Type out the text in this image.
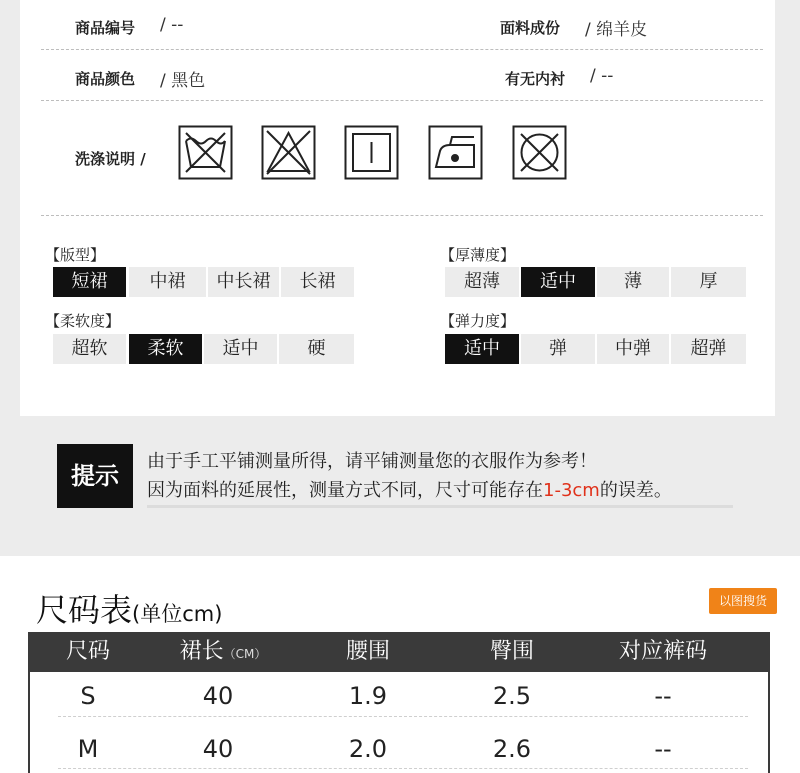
商品编号 / --	面料成份 / 绵羊皮
商品颜色 / 黑色	有无内衬 / --
洗涤说明 /
【版型】
短裙	中裙	中长裙	长裙
【厚薄度】
超薄	适中	薄	厚
【柔软度】
超软	柔软	适中	硬
【弹力度】
适中	弹	中弹	超弹
提示
由于手工平铺测量所得，请平铺测量您的衣服作为参考！
因为面料的延展性，测量方式不同，尺寸可能存在1-3cm的误差。
尺码表(单位cm)
以图搜货
尺码	裙长（CM）	腰围	臀围	对应裤码
S	40	1.9	2.5	--
M	40	2.0	2.6	--
